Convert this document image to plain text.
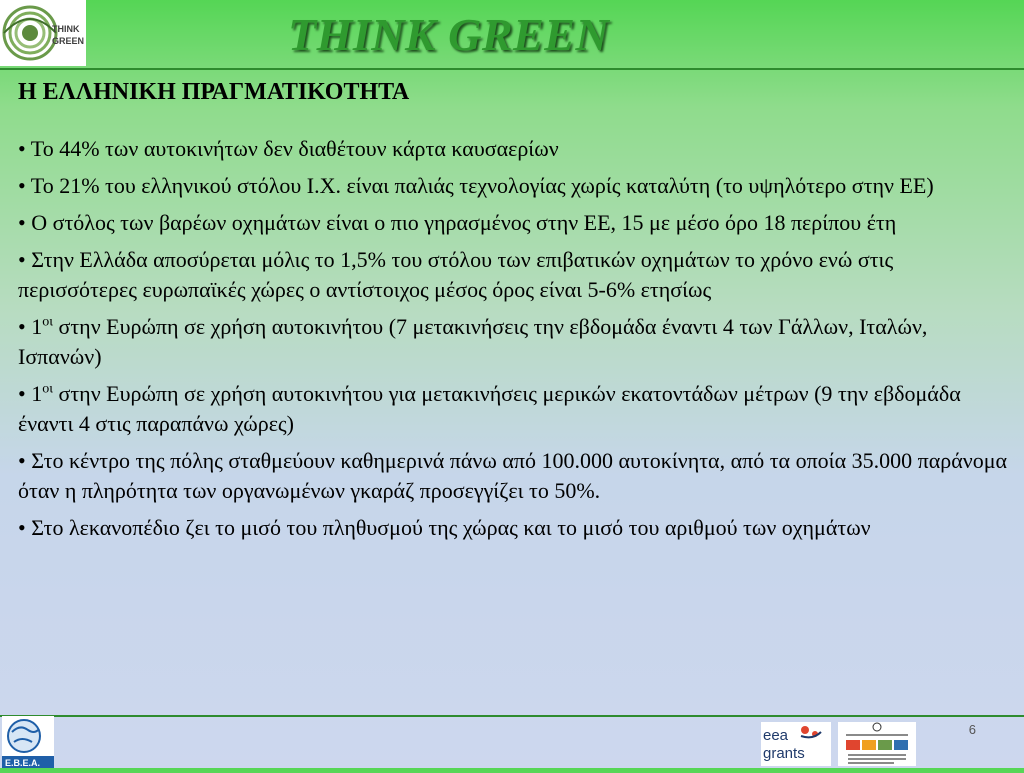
THINK
GREEN	THINK GREEN
Η ΕΛΛΗΝΙΚΗ ΠΡΑΓΜΑΤΙΚΟΤΗΤΑ
• Το 44% των αυτοκινήτων δεν διαθέτουν κάρτα καυσαερίων
• Το 21% του ελληνικού στόλου Ι.Χ. είναι παλιάς τεχνολογίας χωρίς καταλύτη (το υψηλότερο στην ΕΕ)
• Ο στόλος των βαρέων οχημάτων είναι ο πιο γηρασμένος στην ΕΕ, 15 με μέσο όρο 18 περίπου έτη
• Στην Ελλάδα αποσύρεται μόλις το 1,5% του στόλου των επιβατικών οχημάτων το χρόνο ενώ στις περισσότερες ευρωπαϊκές χώρες ο αντίστοιχος μέσος όρος είναι 5-6% ετησίως
• $1^{o\iota}$ στην Ευρώπη σε χρήση αυτοκινήτου (7 μετακινήσεις την εβδομάδα έναντι 4 των Γάλλων, Ιταλών, Ισπανών)
• $1^{o\iota}$ στην Ευρώπη σε χρήση αυτοκινήτου για μετακινήσεις μερικών εκατοντάδων μέτρων (9 την εβδομάδα έναντι 4 στις παραπάνω χώρες)
• Στο κέντρο της πόλης σταθμεύουν καθημερινά πάνω από 100.000 αυτοκίνητα, από τα οποία 35.000 παράνομα όταν η πληρότητα των οργανωμένων γκαράζ προσεγγίζει το 50%.
• Στο λεκανοπέδιο ζει το μισό του πληθυσμού της χώρας και το μισό του αριθμού των οχημάτων
Ε.Β.Ε.Α.
eea
grants
6
